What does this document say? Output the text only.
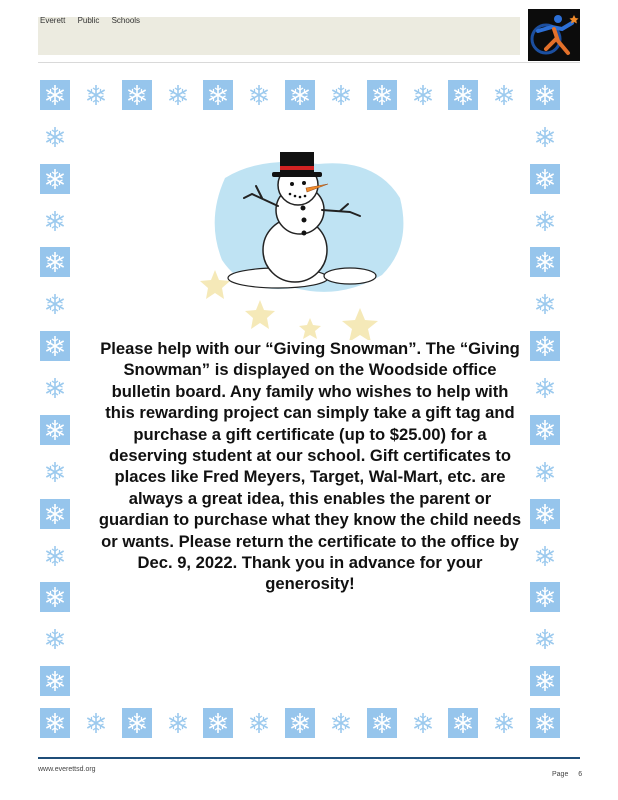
Everett Public Schools
Please help with our “Giving Snowman”. The “Giving Snowman” is displayed on the Woodside office bulletin board. Any family who wishes to help with this rewarding project can simply take a gift tag and purchase a gift certificate (up to $25.00) for a deserving student at our school. Gift certificates to places like Fred Meyers, Target, Wal-Mart, etc. are always a great idea, this enables the parent or guardian to purchase what they know the child needs or wants. Please return the certificate to the office by Dec. 9, 2022. Thank you in advance for your generosity!
www.everettsd.org
Page 6
